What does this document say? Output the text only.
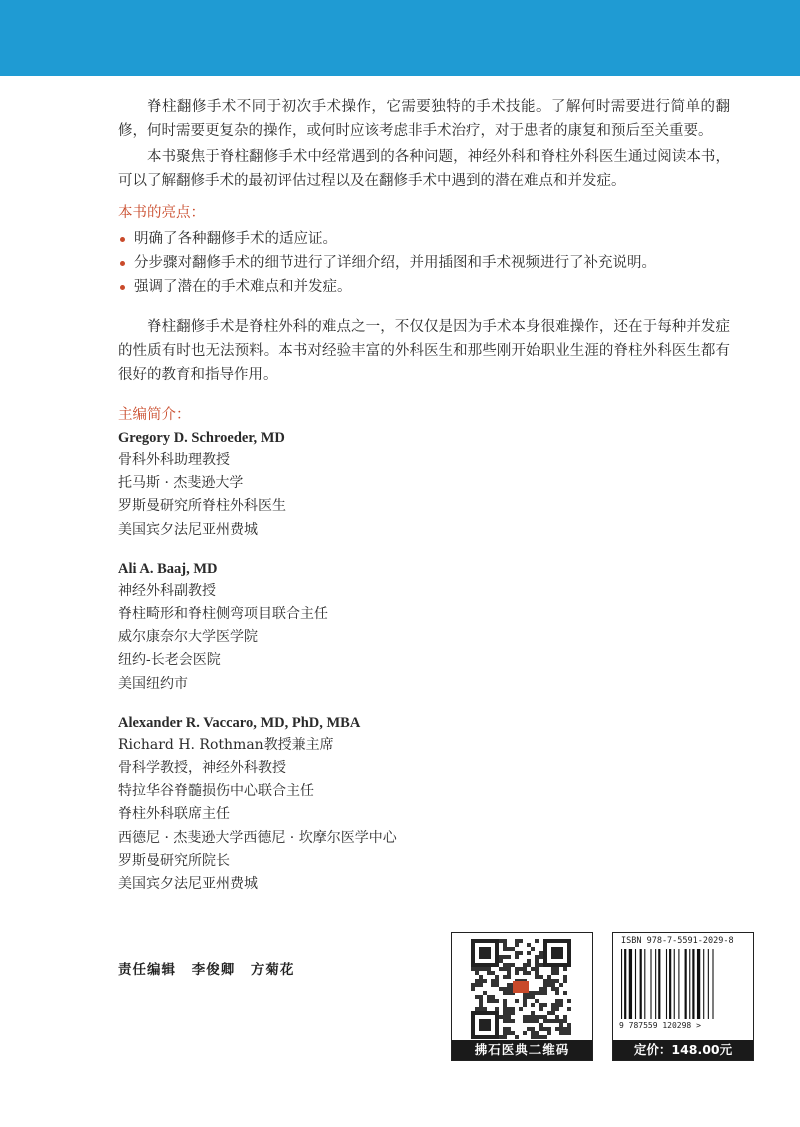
脊柱翻修手术不同于初次手术操作，它需要独特的手术技能。了解何时需要进行简单的翻修，何时需要更复杂的操作，或何时应该考虑非手术治疗，对于患者的康复和预后至关重要。

本书聚焦于脊柱翻修手术中经常遇到的各种问题，神经外科和脊柱外科医生通过阅读本书，可以了解翻修手术的最初评估过程以及在翻修手术中遇到的潜在难点和并发症。

本书的亮点：
明确了各种翻修手术的适应证。
分步骤对翻修手术的细节进行了详细介绍，并用插图和手术视频进行了补充说明。
强调了潜在的手术难点和并发症。

脊柱翻修手术是脊柱外科的难点之一，不仅仅是因为手术本身很难操作，还在于每种并发症的性质有时也无法预料。本书对经验丰富的外科医生和那些刚开始职业生涯的脊柱外科医生都有很好的教育和指导作用。

主编简介：
Gregory D. Schroeder, MD
骨科外科助理教授
托马斯 · 杰斐逊大学
罗斯曼研究所脊柱外科医生
美国宾夕法尼亚州费城
Ali A. Baaj, MD
神经外科副教授
脊柱畸形和脊柱侧弯项目联合主任
威尔康奈尔大学医学院
纽约-长老会医院
美国纽约市
Alexander R. Vaccaro, MD, PhD, MBA
Richard H. Rothman教授兼主席
骨科学教授，神经外科教授
特拉华谷脊髓损伤中心联合主任
脊柱外科联席主任
西德尼 · 杰斐逊大学西德尼 · 坎摩尔医学中心
罗斯曼研究所院长
美国宾夕法尼亚州费城
责任编辑 李俊卿 方菊花
拂石医典二维码
ISBN 978-7-5591-2029-8
9 787559 120298 >
定价：148.00元
